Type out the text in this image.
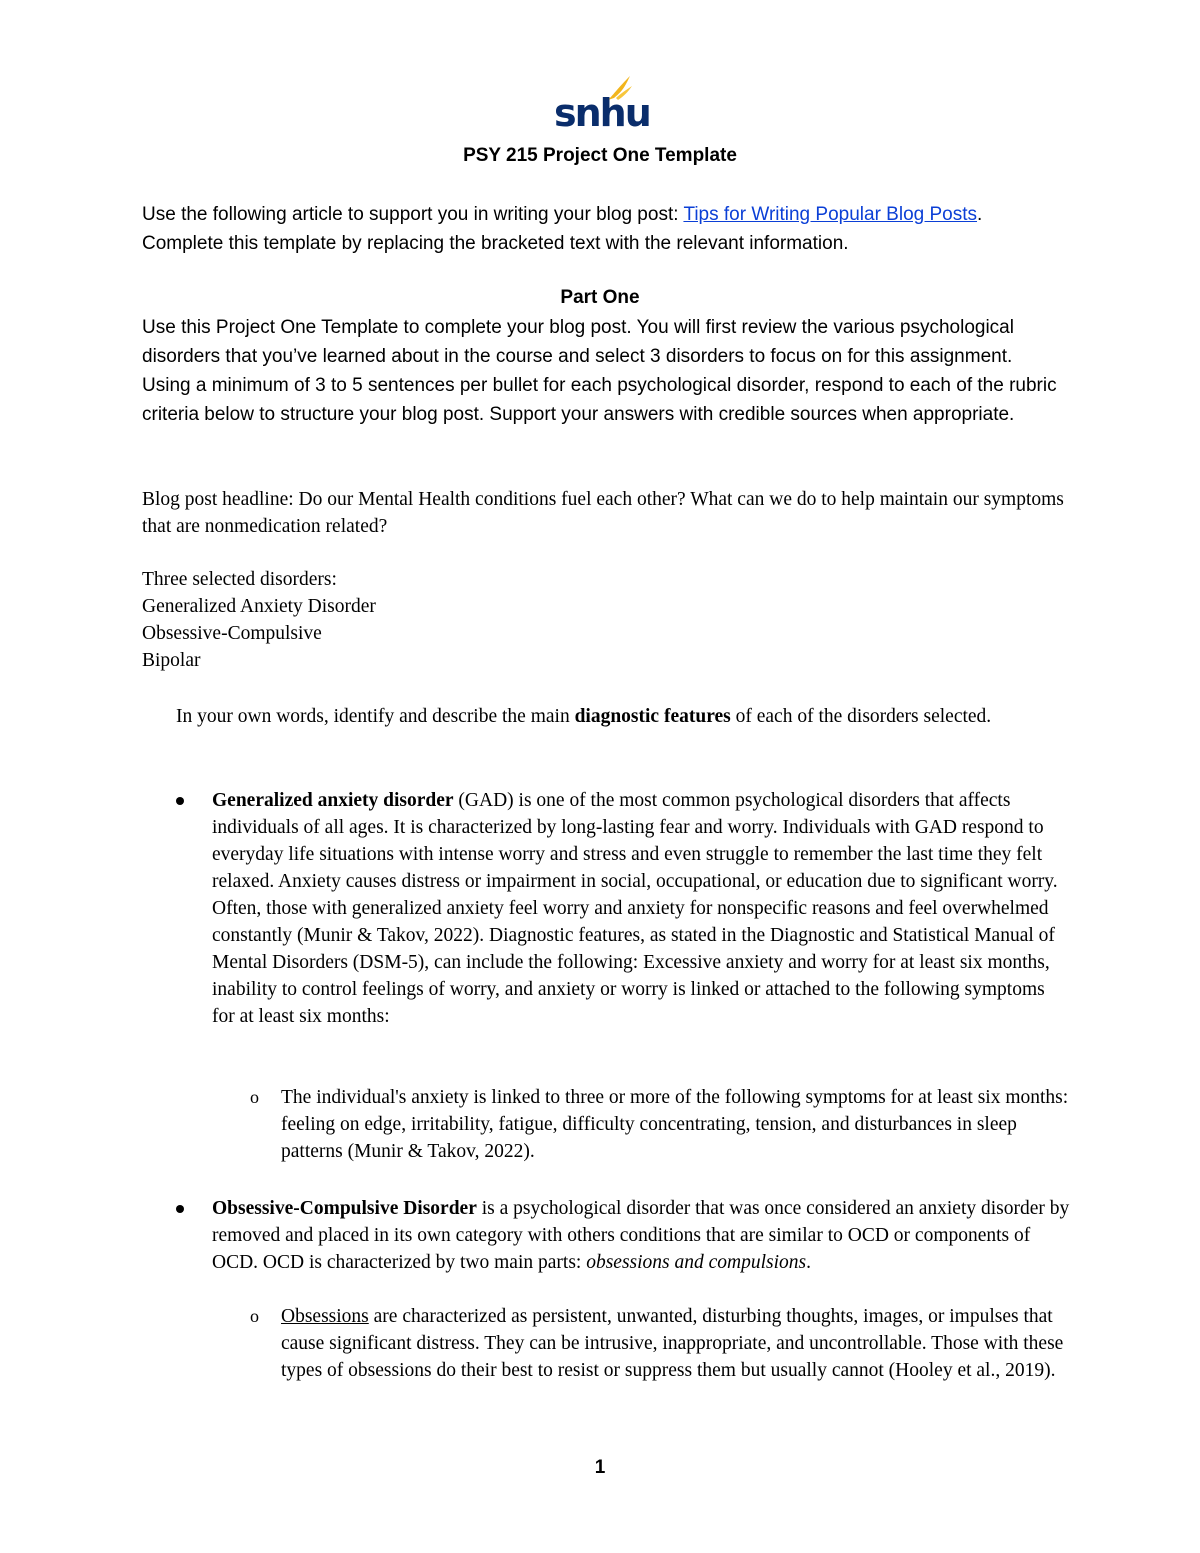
snhu
PSY 215 Project One Template
Use the following article to support you in writing your blog post: Tips for Writing Popular Blog Posts. Complete this template by replacing the bracketed text with the relevant information.
Part One
Use this Project One Template to complete your blog post. You will first review the various psychological disorders that you’ve learned about in the course and select 3 disorders to focus on for this assignment. Using a minimum of 3 to 5 sentences per bullet for each psychological disorder, respond to each of the rubric criteria below to structure your blog post. Support your answers with credible sources when appropriate.
Blog post headline: Do our Mental Health conditions fuel each other? What can we do to help maintain our symptoms that are nonmedication related?
Three selected disorders:
Generalized Anxiety Disorder
Obsessive-Compulsive
Bipolar
In your own words, identify and describe the main diagnostic features of each of the disorders selected.
Generalized anxiety disorder (GAD) is one of the most common psychological disorders that affects individuals of all ages. It is characterized by long-lasting fear and worry. Individuals with GAD respond to everyday life situations with intense worry and stress and even struggle to remember the last time they felt relaxed. Anxiety causes distress or impairment in social, occupational, or education due to significant worry. Often, those with generalized anxiety feel worry and anxiety for nonspecific reasons and feel overwhelmed constantly (Munir & Takov, 2022). Diagnostic features, as stated in the Diagnostic and Statistical Manual of Mental Disorders (DSM-5), can include the following: Excessive anxiety and worry for at least six months, inability to control feelings of worry, and anxiety or worry is linked or attached to the following symptoms for at least six months:
o The individual's anxiety is linked to three or more of the following symptoms for at least six months: feeling on edge, irritability, fatigue, difficulty concentrating, tension, and disturbances in sleep patterns (Munir & Takov, 2022).
Obsessive-Compulsive Disorder is a psychological disorder that was once considered an anxiety disorder by removed and placed in its own category with others conditions that are similar to OCD or components of OCD. OCD is characterized by two main parts: obsessions and compulsions.
o Obsessions are characterized as persistent, unwanted, disturbing thoughts, images, or impulses that cause significant distress. They can be intrusive, inappropriate, and uncontrollable. Those with these types of obsessions do their best to resist or suppress them but usually cannot (Hooley et al., 2019).
1
